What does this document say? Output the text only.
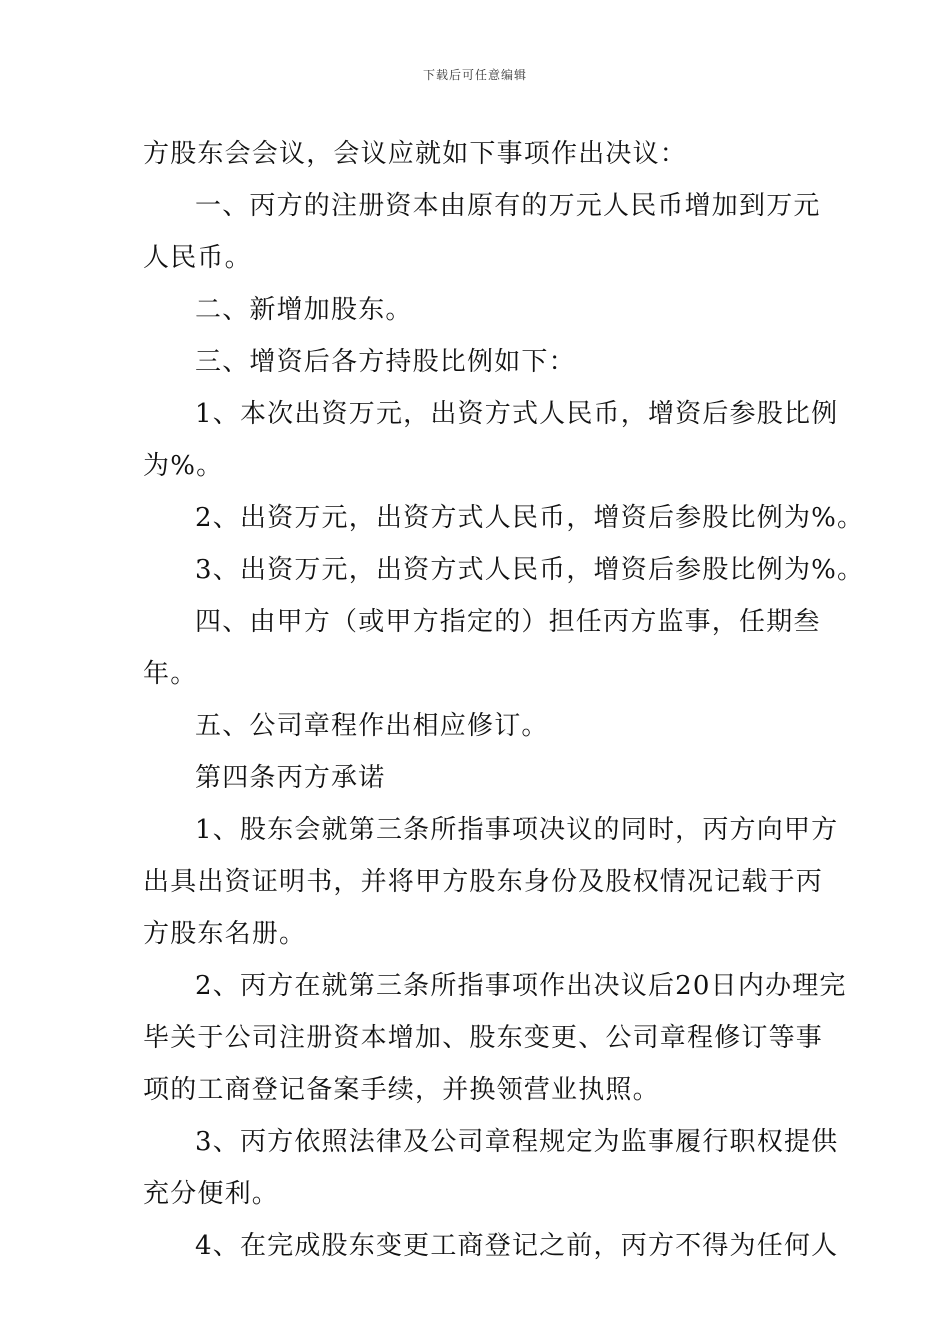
下载后可任意编辑
方股东会会议，会议应就如下事项作出决议：
一、丙方的注册资本由原有的万元人民币增加到万元
人民币。
二、新增加股东。
三、增资后各方持股比例如下：
1、本次出资万元，出资方式人民币，增资后参股比例
为%。
2、出资万元，出资方式人民币，增资后参股比例为%。
3、出资万元，出资方式人民币，增资后参股比例为%。
四、由甲方（或甲方指定的）担任丙方监事，任期叁
年。
五、公司章程作出相应修订。
第四条丙方承诺
1、股东会就第三条所指事项决议的同时，丙方向甲方
出具出资证明书，并将甲方股东身份及股权情况记载于丙
方股东名册。
2、丙方在就第三条所指事项作出决议后20日内办理完
毕关于公司注册资本增加、股东变更、公司章程修订等事
项的工商登记备案手续，并换领营业执照。
3、丙方依照法律及公司章程规定为监事履行职权提供
充分便利。
4、在完成股东变更工商登记之前，丙方不得为任何人
